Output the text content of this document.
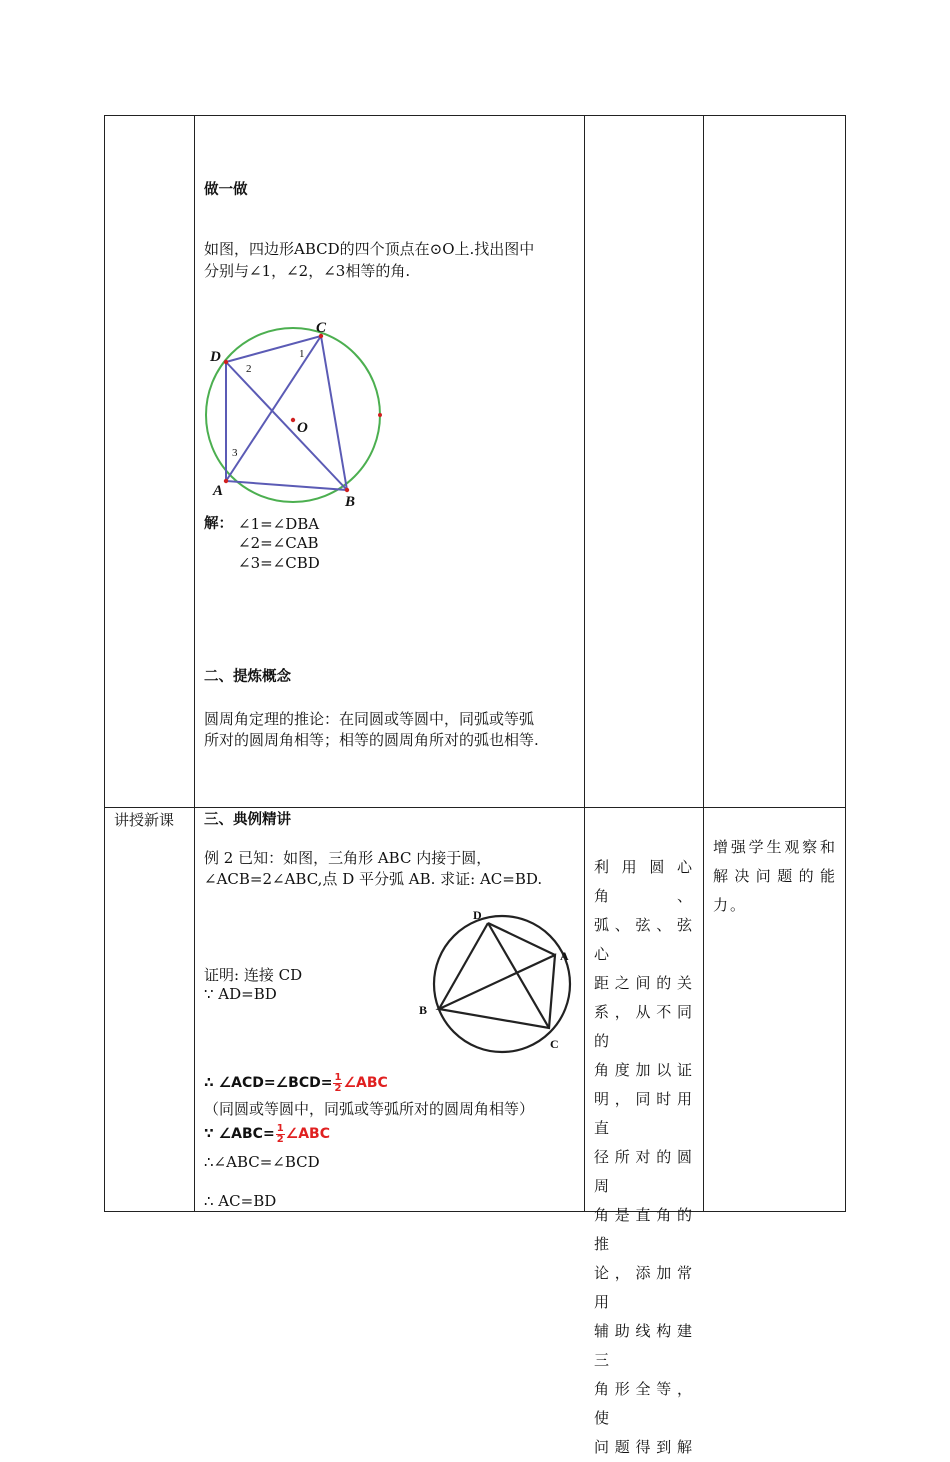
做一做
如图，四边形ABCD的四个顶点在⊙O上.找出图中
分别与∠1，∠2，∠3相等的角.
D
C
B
A
O
1
2
3
解： ∠1=∠DBA
∠2=∠CAB
∠3=∠CBD
二、提炼概念
圆周角定理的推论：在同圆或等圆中，同弧或等弧
所对的圆周角相等；相等的圆周角所对的弧也相等.
讲授新课 三、典例精讲
例 2 已知：如图，三角形 ABC 内接于圆，
∠ACB=2∠ABC,点 D 平分弧 AB. 求证: AC=BD.
D
A
B
C
证明: 连接 CD
∵ AD=BD
∴ ∠ACD=∠BCD= $\frac{1}{2}$ ∠ABC
（同圆或等圆中，同弧或等弧所对的圆周角相等）
∵ ∠ABC= $\frac{1}{2}$ ∠ABC
∴∠ABC=∠BCD
∴ AC=BD
利用圆心角、
弧、弦、弦心
距之间的关
系，从不同的
角度加以证
明，同时用直
径所对的圆周
角是直角的推
论，添加常用
辅助线构建三
角形全等，使
问题得到解
增强学生观察和
解决问题的能
力。
